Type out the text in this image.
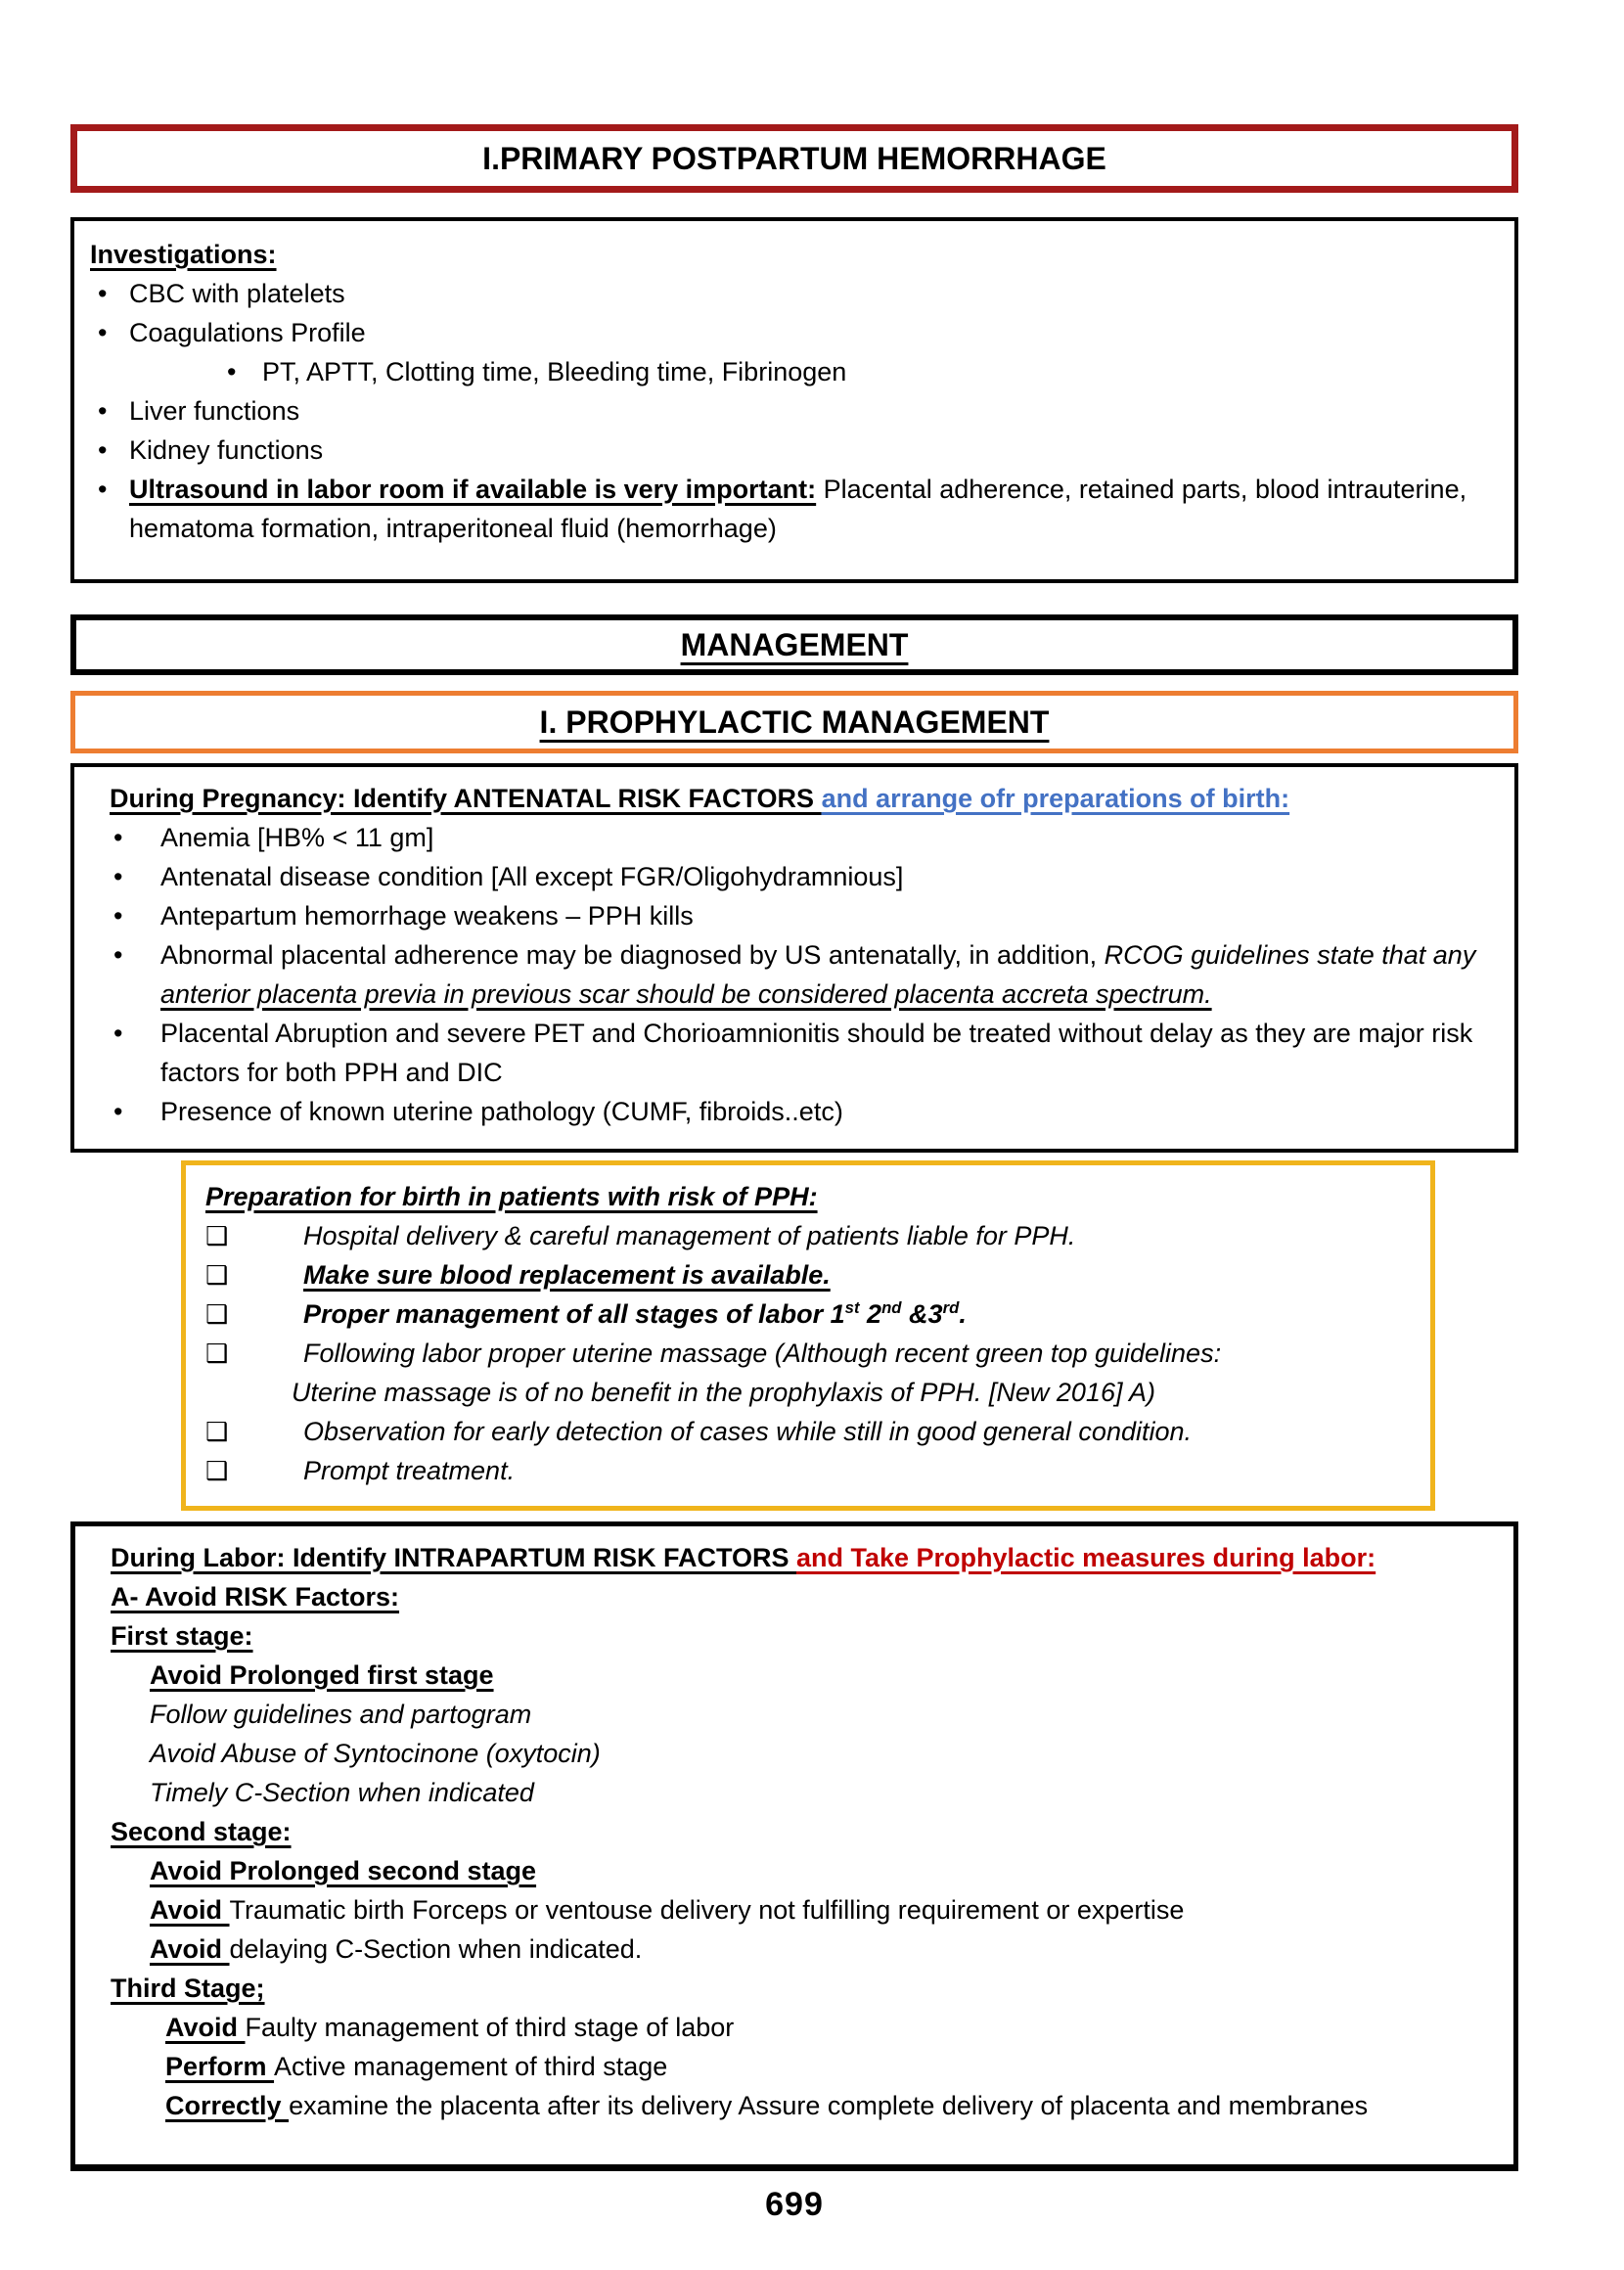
I.PRIMARY POSTPARTUM HEMORRHAGE
Investigations:
• CBC with platelets
• Coagulations Profile
• PT, APTT, Clotting time, Bleeding time, Fibrinogen
• Liver functions
• Kidney functions
• Ultrasound in labor room if available is very important: Placental adherence, retained parts, blood intrauterine, hematoma formation, intraperitoneal fluid (hemorrhage)
MANAGEMENT
I. PROPHYLACTIC MANAGEMENT
During Pregnancy: Identify ANTENATAL RISK FACTORS and arrange ofr preparations of birth:
•	Anemia [HB% < 11 gm]
•	Antenatal disease condition [All except FGR/Oligohydramnious]
•	Antepartum hemorrhage weakens – PPH kills
•	Abnormal placental adherence may be diagnosed by US antenatally, in addition, RCOG guidelines state that any anterior placenta previa in previous scar should be considered placenta accreta spectrum.
•	Placental Abruption and severe PET and Chorioamnionitis should be treated without delay as they are major risk factors for both PPH and DIC
•	Presence of known uterine pathology (CUMF, fibroids..etc)
Preparation for birth in patients with risk of PPH:
❑	Hospital delivery & careful management of patients liable for PPH.
❑	Make sure blood replacement is available.
❑	Proper management of all stages of labor 1st 2nd &3rd.
❑	Following labor proper uterine massage (Although recent green top guidelines:
Uterine massage is of no benefit in the prophylaxis of PPH. [New 2016] A)
❑	Observation for early detection of cases while still in good general condition.
❑	Prompt treatment.
During Labor: Identify INTRAPARTUM RISK FACTORS and Take Prophylactic measures during labor:
A- Avoid RISK Factors:
First stage:
Avoid Prolonged first stage
Follow guidelines and partogram
Avoid Abuse of Syntocinone (oxytocin)
Timely C-Section when indicated
Second stage:
Avoid Prolonged second stage
Avoid Traumatic birth Forceps or ventouse delivery not fulfilling requirement or expertise
Avoid delaying C-Section when indicated.
Third Stage;
Avoid Faulty management of third stage of labor
Perform Active management of third stage
Correctly examine the placenta after its delivery Assure complete delivery of placenta and membranes
699
